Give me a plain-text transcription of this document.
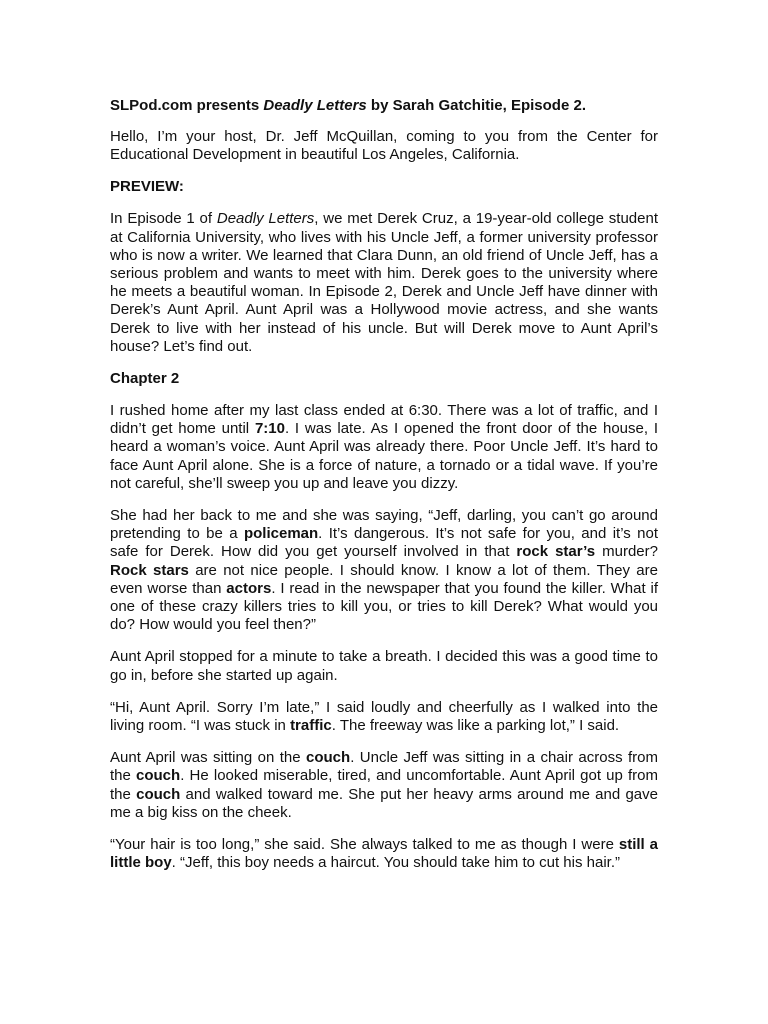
SLPod.com presents Deadly Letters by Sarah Gatchitie, Episode 2.

Hello, I’m your host, Dr. Jeff McQuillan, coming to you from the Center for Educational Development in beautiful Los Angeles, California.

PREVIEW:

In Episode 1 of Deadly Letters, we met Derek Cruz, a 19-year-old college student at California University, who lives with his Uncle Jeff, a former university professor who is now a writer. We learned that Clara Dunn, an old friend of Uncle Jeff, has a serious problem and wants to meet with him. Derek goes to the university where he meets a beautiful woman. In Episode 2, Derek and Uncle Jeff have dinner with Derek’s Aunt April. Aunt April was a Hollywood movie actress, and she wants Derek to live with her instead of his uncle. But will Derek move to Aunt April’s house? Let’s find out.

Chapter 2

I rushed home after my last class ended at 6:30. There was a lot of traffic, and I didn’t get home until 7:10. I was late. As I opened the front door of the house, I heard a woman’s voice. Aunt April was already there. Poor Uncle Jeff. It’s hard to face Aunt April alone. She is a force of nature, a tornado or a tidal wave. If you’re not careful, she’ll sweep you up and leave you dizzy.

She had her back to me and she was saying, “Jeff, darling, you can’t go around pretending to be a policeman. It’s dangerous. It’s not safe for you, and it’s not safe for Derek. How did you get yourself involved in that rock star’s murder? Rock stars are not nice people. I should know. I know a lot of them. They are even worse than actors. I read in the newspaper that you found the killer. What if one of these crazy killers tries to kill you, or tries to kill Derek? What would you do? How would you feel then?”

Aunt April stopped for a minute to take a breath. I decided this was a good time to go in, before she started up again.

“Hi, Aunt April. Sorry I’m late,” I said loudly and cheerfully as I walked into the living room. “I was stuck in traffic. The freeway was like a parking lot,” I said.

Aunt April was sitting on the couch. Uncle Jeff was sitting in a chair across from the couch. He looked miserable, tired, and uncomfortable. Aunt April got up from the couch and walked toward me. She put her heavy arms around me and gave me a big kiss on the cheek.

“Your hair is too long,” she said. She always talked to me as though I were still a little boy. “Jeff, this boy needs a haircut. You should take him to cut his hair.”
